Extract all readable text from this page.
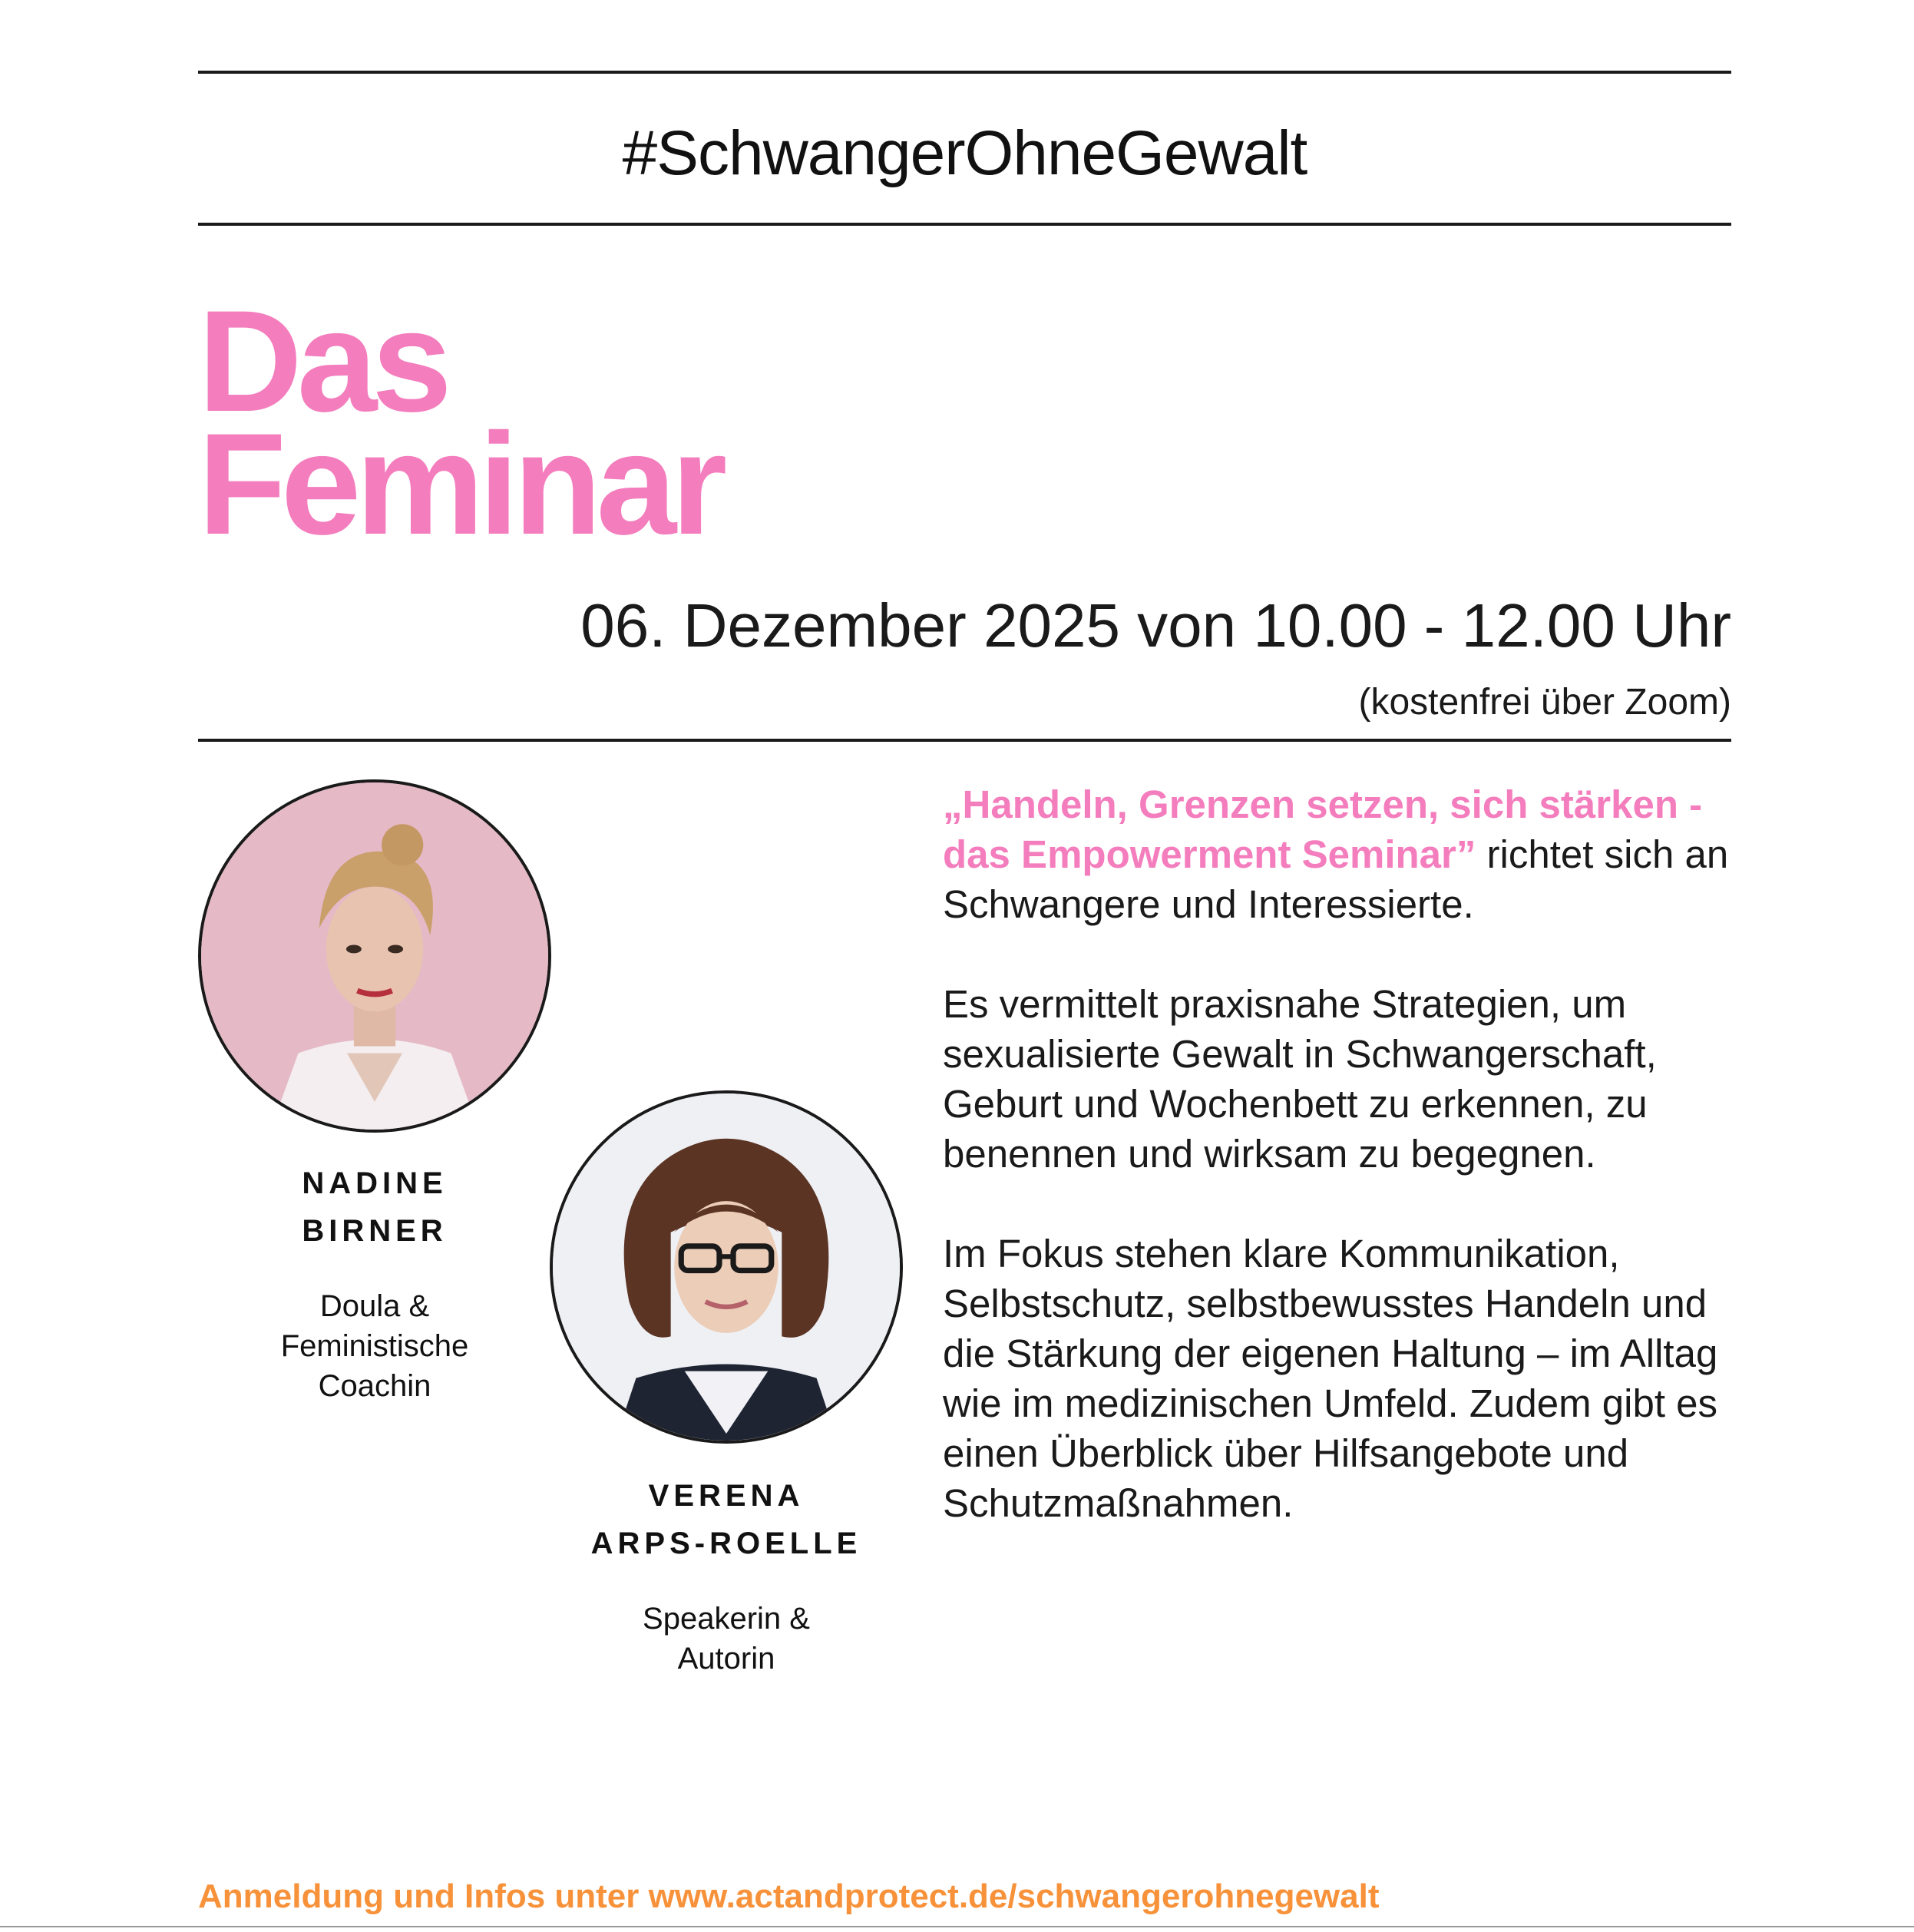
#SchwangerOhneGewalt
Das
Feminar
06. Dezember 2025 von 10.00 - 12.00 Uhr
(kostenfrei über Zoom)
NADINE
BIRNER
Doula &
Feministische
Coachin
VERENA
ARPS-ROELLE
Speakerin &
Autorin

„Handeln, Grenzen setzen, sich stärken - das Empowerment Seminar” richtet sich an Schwangere und Interessierte.

Es vermittelt praxisnahe Strategien, um sexualisierte Gewalt in Schwangerschaft, Geburt und Wochenbett zu erkennen, zu benennen und wirksam zu begegnen.

Im Fokus stehen klare Kommunikation, Selbstschutz, selbstbewusstes Handeln und die Stärkung der eigenen Haltung – im Alltag wie im medizinischen Umfeld. Zudem gibt es einen Überblick über Hilfsangebote und Schutzmaßnahmen.

Anmeldung und Infos unter www.actandprotect.de/schwangerohnegewalt
